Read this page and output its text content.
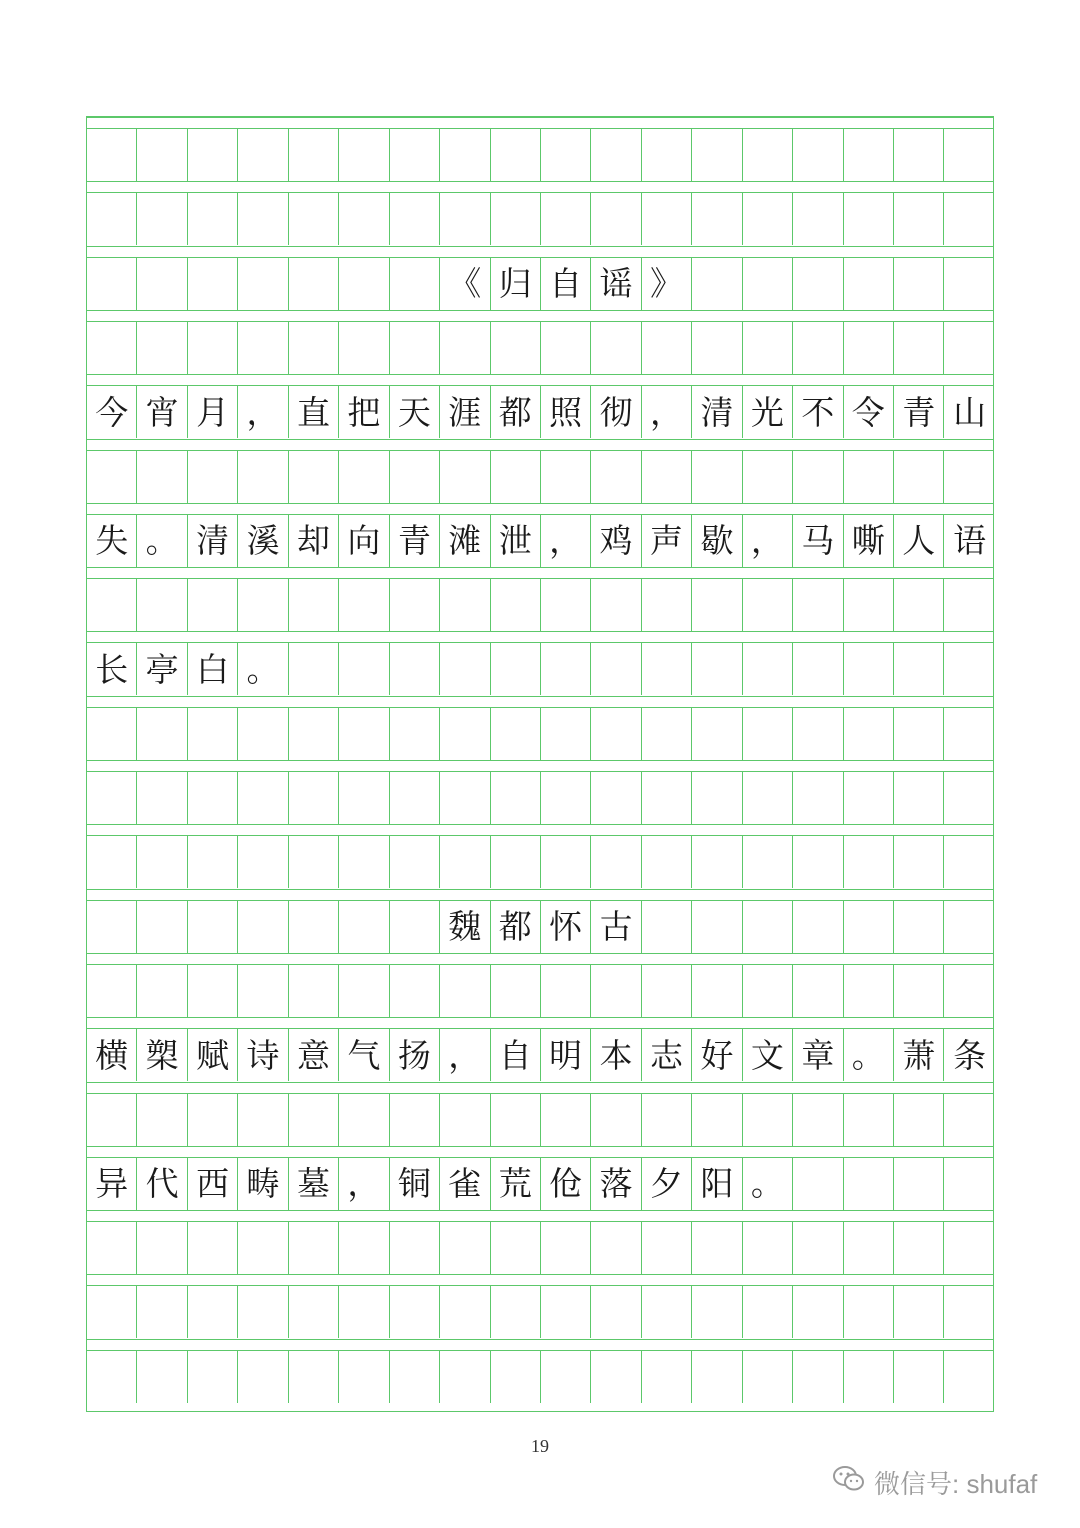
《 归 自 谣 》
今 宵 月 ， 直 把 天 涯 都 照 彻 ， 清 光 不 令 青 山
失 。 清 溪 却 向 青 滩 泄 ， 鸡 声 歇 ， 马 嘶 人 语
长 亭 白 。
魏 都 怀 古
横 槊 赋 诗 意 气 扬 ， 自 明 本 志 好 文 章 。 萧 条
异 代 西 畴 墓 ， 铜 雀 荒 伧 落 夕 阳 。
19
微信号: shufaf
